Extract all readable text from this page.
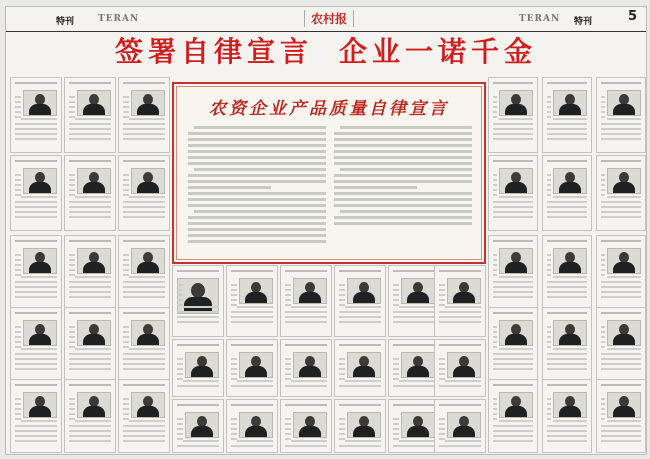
特刊	TERAN	农村报	TERAN 特刊	5
签署自律宣言 企业一诺千金
农资企业产品质量自律宣言
